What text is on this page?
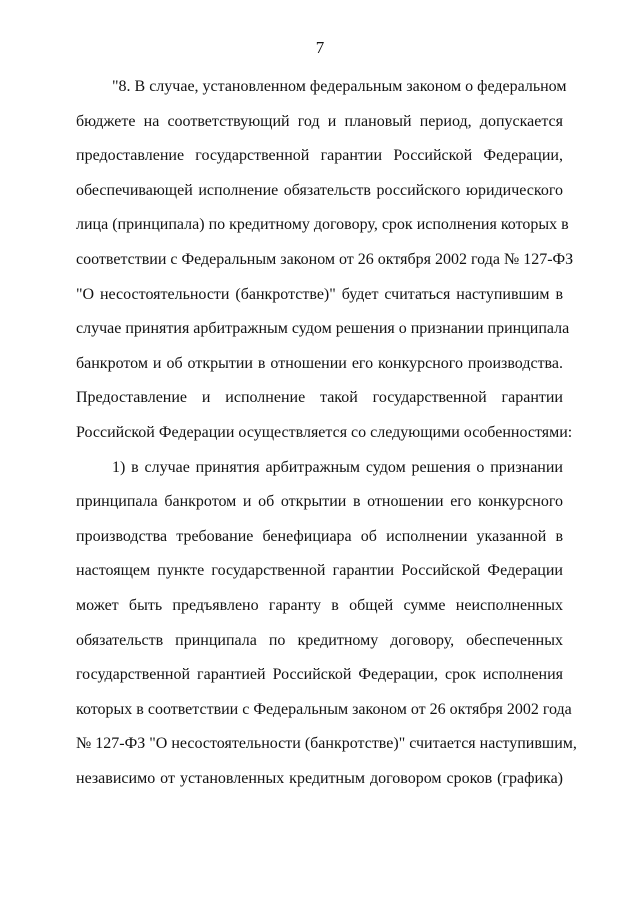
7
"8. В случае, установленном федеральным законом о федеральном
бюджете на соответствующий год и плановый период, допускается
предоставление государственной гарантии Российской Федерации,
обеспечивающей исполнение обязательств российского юридического
лица (принципала) по кредитному договору, срок исполнения которых в
соответствии с Федеральным законом от 26 октября 2002 года № 127-ФЗ
"О несостоятельности (банкротстве)" будет считаться наступившим в
случае принятия арбитражным судом решения о признании принципала
банкротом и об открытии в отношении его конкурсного производства.
Предоставление и исполнение такой государственной гарантии
Российской Федерации осуществляется со следующими особенностями:
1) в случае принятия арбитражным судом решения о признании
принципала банкротом и об открытии в отношении его конкурсного
производства требование бенефициара об исполнении указанной в
настоящем пункте государственной гарантии Российской Федерации
может быть предъявлено гаранту в общей сумме неисполненных
обязательств принципала по кредитному договору, обеспеченных
государственной гарантией Российской Федерации, срок исполнения
которых в соответствии с Федеральным законом от 26 октября 2002 года
№ 127-ФЗ "О несостоятельности (банкротстве)" считается наступившим,
независимо от установленных кредитным договором сроков (графика)
